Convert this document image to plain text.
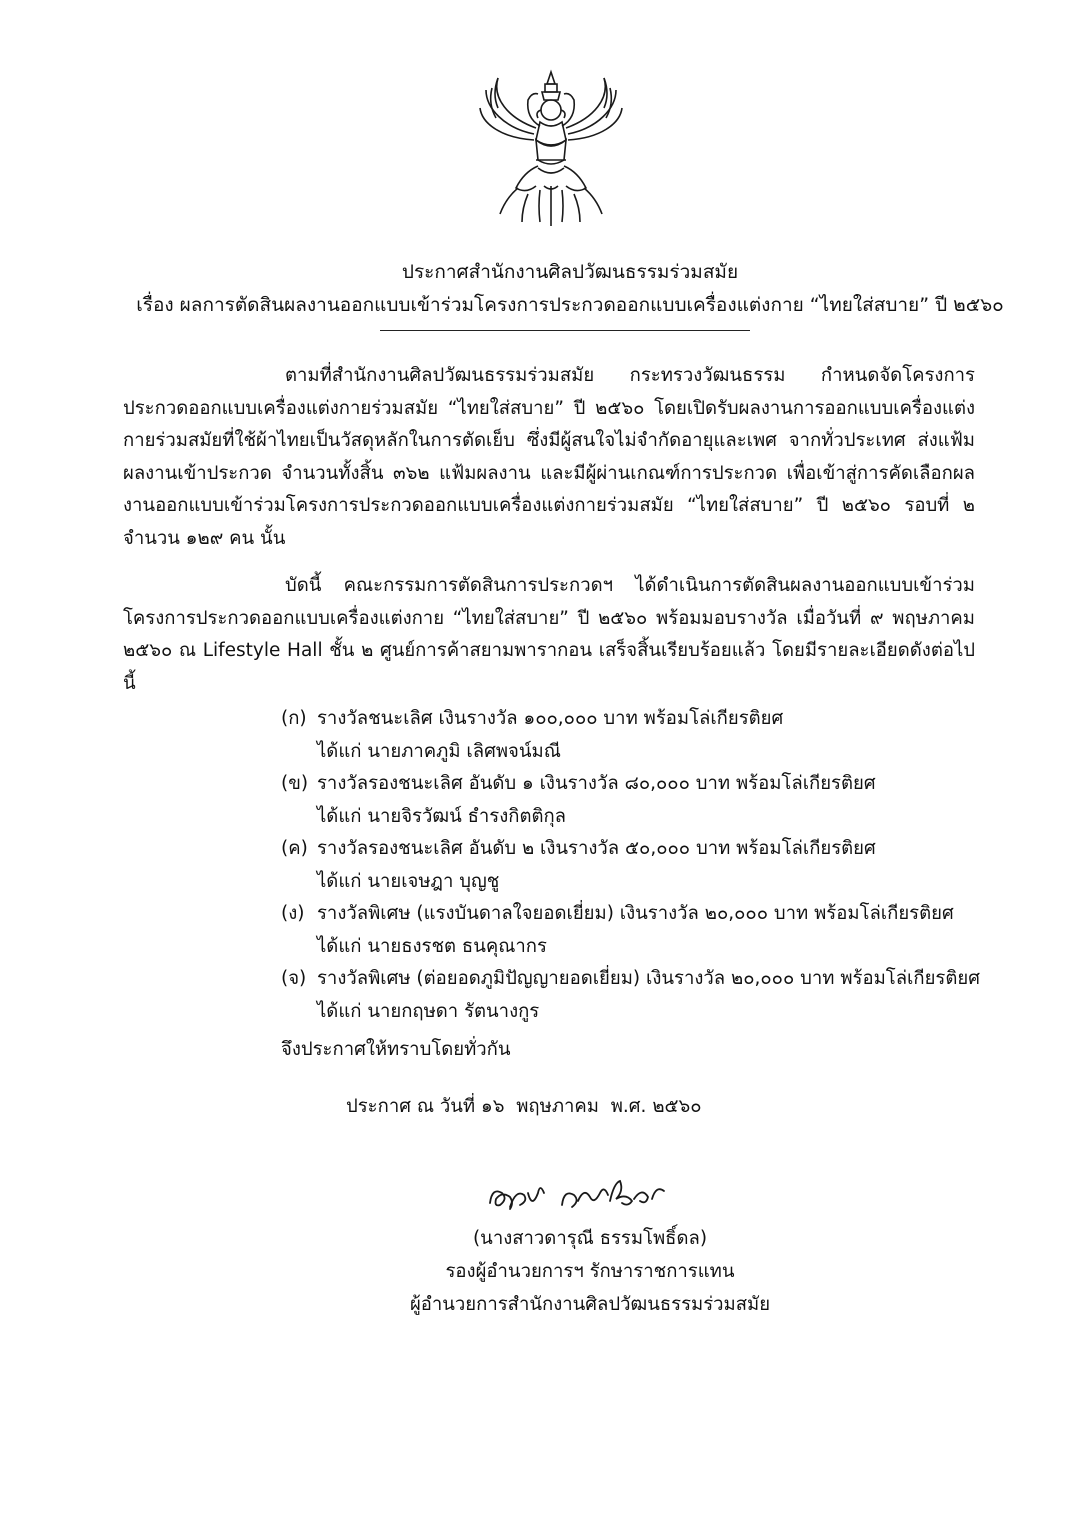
ประกาศสำนักงานศิลปวัฒนธรรมร่วมสมัย
เรื่อง ผลการตัดสินผลงานออกแบบเข้าร่วมโครงการประกวดออกแบบเครื่องแต่งกาย “ไทยใส่สบาย” ปี ๒๕๖๐

ตามที่สำนักงานศิลปวัฒนธรรมร่วมสมัย กระทรวงวัฒนธรรม กำหนดจัดโครงการประกวดออกแบบเครื่องแต่งกายร่วมสมัย “ไทยใส่สบาย” ปี ๒๕๖๐ โดยเปิดรับผลงานการออกแบบเครื่องแต่งกายร่วมสมัยที่ใช้ผ้าไทยเป็นวัสดุหลักในการตัดเย็บ ซึ่งมีผู้สนใจไม่จำกัดอายุและเพศ จากทั่วประเทศ ส่งแฟ้มผลงานเข้าประกวด จำนวนทั้งสิ้น ๓๖๒ แฟ้มผลงาน และมีผู้ผ่านเกณฑ์การประกวด เพื่อเข้าสู่การคัดเลือกผลงานออกแบบเข้าร่วมโครงการประกวดออกแบบเครื่องแต่งกายร่วมสมัย “ไทยใส่สบาย” ปี ๒๕๖๐ รอบที่ ๒ จำนวน ๑๒๙ คน นั้น

บัดนี้ คณะกรรมการตัดสินการประกวดฯ ได้ดำเนินการตัดสินผลงานออกแบบเข้าร่วมโครงการประกวดออกแบบเครื่องแต่งกาย “ไทยใส่สบาย” ปี ๒๕๖๐ พร้อมมอบรางวัล เมื่อวันที่ ๙ พฤษภาคม ๒๕๖๐ ณ Lifestyle Hall ชั้น ๒ ศูนย์การค้าสยามพารากอน เสร็จสิ้นเรียบร้อยแล้ว โดยมีรายละเอียดดังต่อไปนี้

(ก) รางวัลชนะเลิศ เงินรางวัล ๑๐๐,๐๐๐ บาท พร้อมโล่เกียรติยศ
ได้แก่ นายภาคภูมิ เลิศพจน์มณี
(ข) รางวัลรองชนะเลิศ อันดับ ๑ เงินรางวัล ๘๐,๐๐๐ บาท พร้อมโล่เกียรติยศ
ได้แก่ นายจิรวัฒน์ ธำรงกิตติกุล
(ค) รางวัลรองชนะเลิศ อันดับ ๒ เงินรางวัล ๕๐,๐๐๐ บาท พร้อมโล่เกียรติยศ
ได้แก่ นายเจษฎา บุญชู
(ง) รางวัลพิเศษ (แรงบันดาลใจยอดเยี่ยม) เงินรางวัล ๒๐,๐๐๐ บาท พร้อมโล่เกียรติยศ
ได้แก่ นายธงรชต ธนคุณากร
(จ) รางวัลพิเศษ (ต่อยอดภูมิปัญญายอดเยี่ยม) เงินรางวัล ๒๐,๐๐๐ บาท พร้อมโล่เกียรติยศ
ได้แก่ นายกฤษดา รัตนางกูร
จึงประกาศให้ทราบโดยทั่วกัน
ประกาศ ณ วันที่ ๑๖  พฤษภาคม  พ.ศ. ๒๕๖๐
(นางสาวดารุณี ธรรมโพธิ์ดล)
รองผู้อำนวยการฯ รักษาราชการแทน
ผู้อำนวยการสำนักงานศิลปวัฒนธรรมร่วมสมัย
